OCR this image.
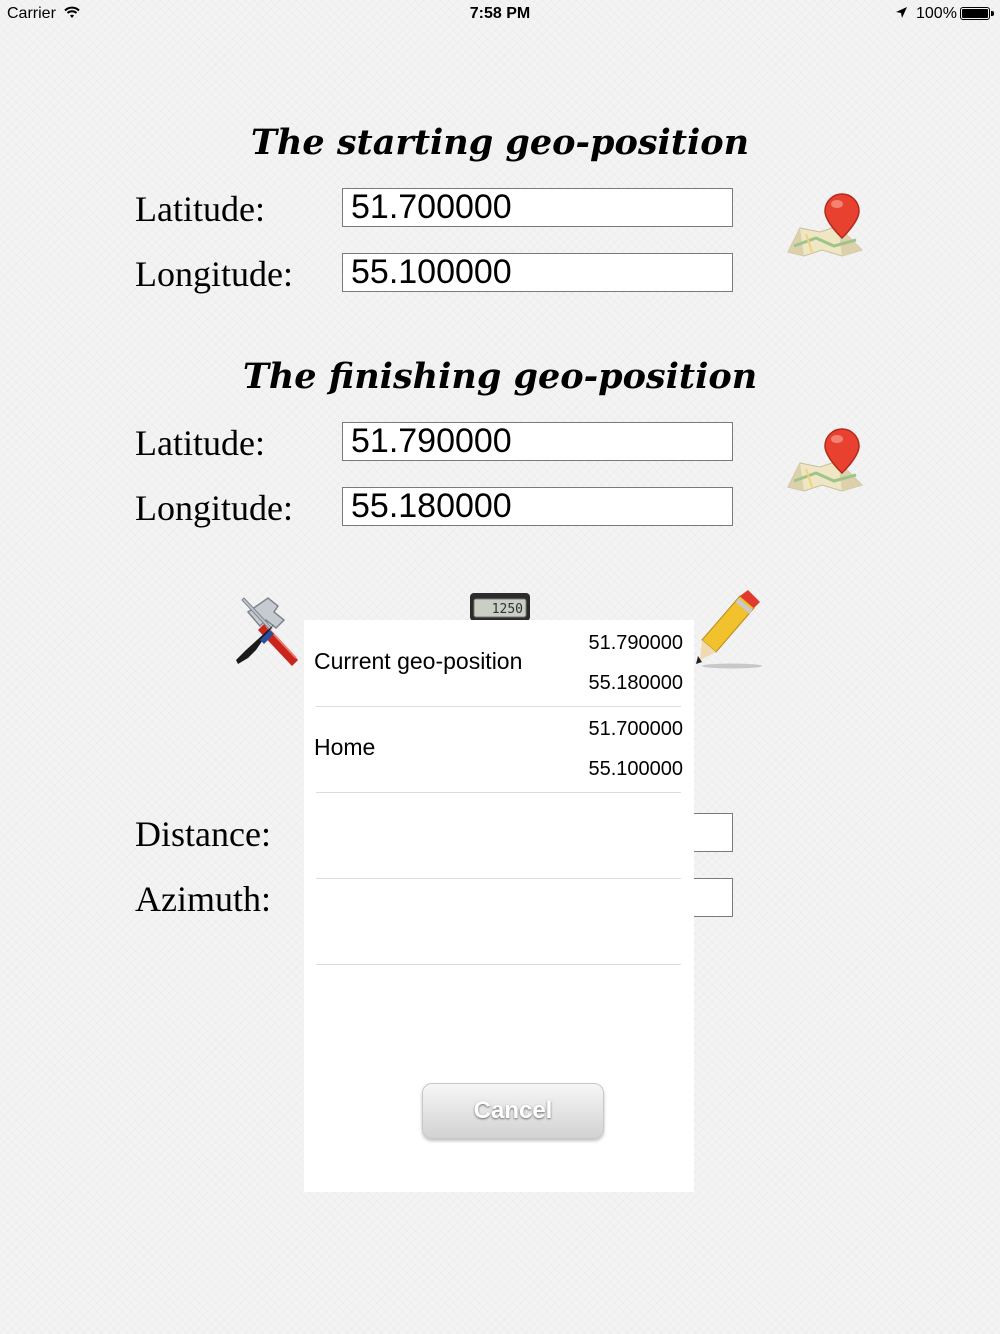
Carrier	7:58 PM	100%
The starting geo-position
Latitude:	51.700000
Longitude: 55.100000
The finishing geo-position
Latitude:	51.790000
Longitude: 55.180000
1250
Distance:
Azimuth:
Current geo-position
51.790000
55.180000
Home
51.700000
55.100000
Cancel
